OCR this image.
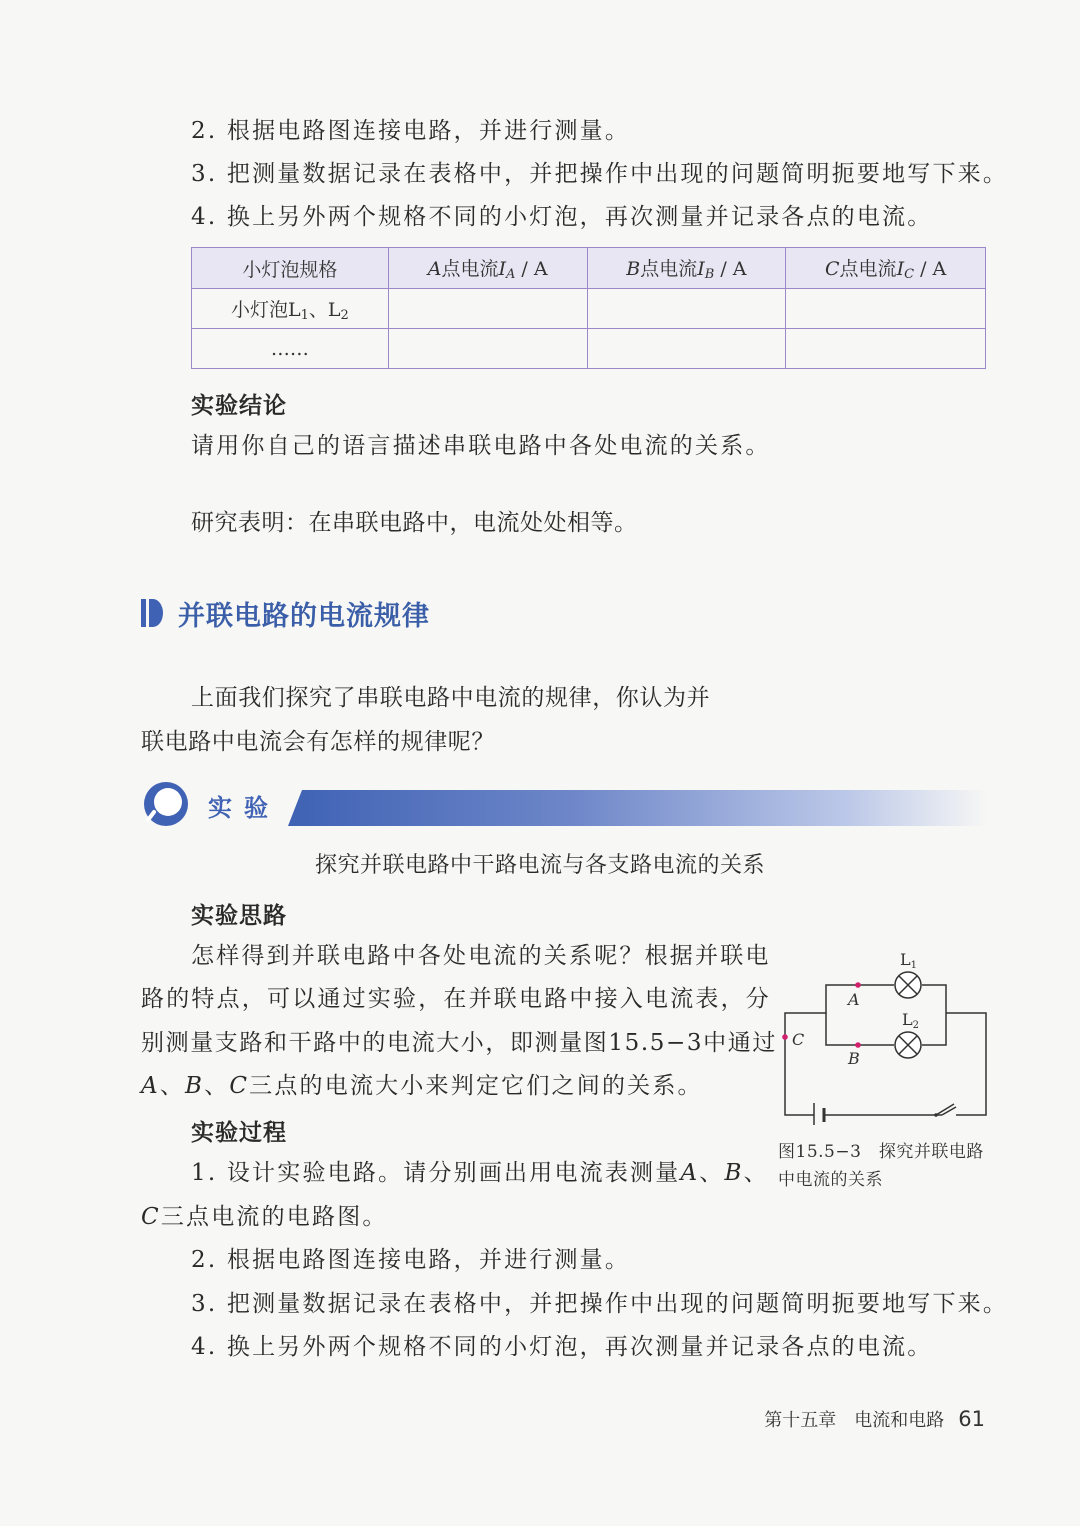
2. 根据电路图连接电路，并进行测量。
3. 把测量数据记录在表格中，并把操作中出现的问题简明扼要地写下来。
4. 换上另外两个规格不同的小灯泡，再次测量并记录各点的电流。
小灯泡规格	A点电流$I_A$ / A	B点电流$I_B$ / A	C点电流$I_C$ / A
小灯泡$L_1$、$L_2$			
……			
实验结论
请用你自己的语言描述串联电路中各处电流的关系。
研究表明：在串联电路中，电流处处相等。
并联电路的电流规律
上面我们探究了串联电路中电流的规律，你认为并
联电路中电流会有怎样的规律呢？
实验
探究并联电路中干路电流与各支路电流的关系
实验思路
怎样得到并联电路中各处电流的关系呢？根据并联电
路的特点，可以通过实验，在并联电路中接入电流表，分
别测量支路和干路中的电流大小，即测量图15.5−3中通过
A、B、C三点的电流大小来判定它们之间的关系。
实验过程
1. 设计实验电路。请分别画出用电流表测量A、B、
C三点电流的电路图。
2. 根据电路图连接电路，并进行测量。
3. 把测量数据记录在表格中，并把操作中出现的问题简明扼要地写下来。
4. 换上另外两个规格不同的小灯泡，再次测量并记录各点的电流。
L1
L2
A
B
C
图15.5−3　探究并联电路
中电流的关系
第十五章　电流和电路 61
